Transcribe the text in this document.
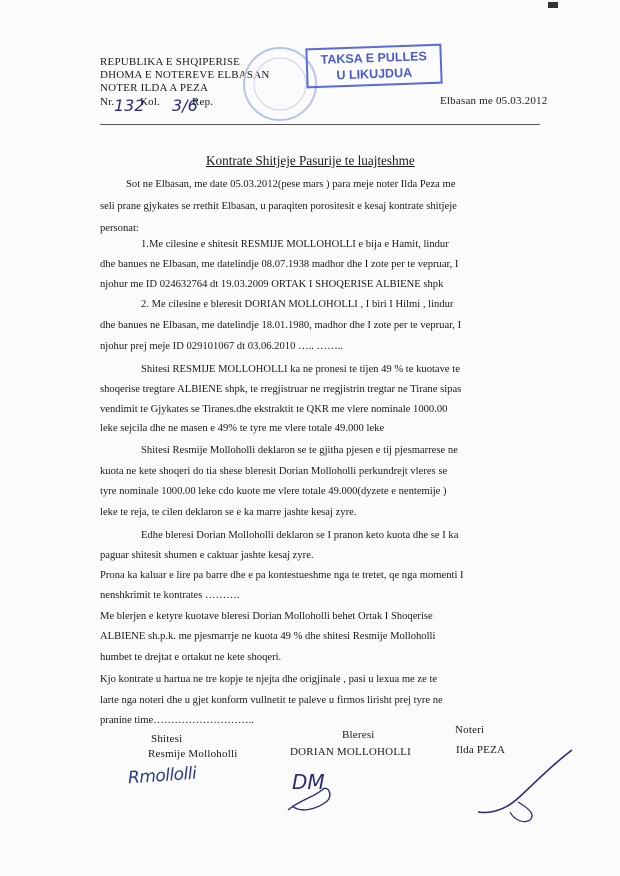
REPUBLIKA E SHQIPERISE
DHOMA E NOTEREVE ELBASAN
NOTER ILDA A PEZA
Nr. 132
Kol. 3/6
Rep.	Elbasan me 05.03.2012
TAKSA E PULLES
U LIKUJDUA
Kontrate Shitjeje Pasurije te luajteshme
Sot ne Elbasan, me date 05.03.2012(pese mars ) para meje noter Ilda Peza me
seli prane gjykates se rrethit Elbasan, u paraqiten porositesit e kesaj kontrate shitjeje
personat:
1.Me cilesine e shitesit RESMIJE MOLLOHOLLI e bija e Hamit, lindur
dhe banues ne Elbasan, me datelindje 08.07.1938 madhor dhe I zote per te vepruar, I
njohur me ID 024632764 dt 19.03.2009 ORTAK I SHOQERISE ALBIENE shpk
2. Me cilesine e bleresit DORIAN MOLLOHOLLI , I biri I Hilmi , lindur
dhe banues ne Elbasan, me datelindje 18.01.1980, madhor dhe I zote per te vepruar, I
njohur prej meje ID 029101067 dt 03.06.2010 ….. ……..
Shitesi RESMIJE MOLLOHOLLI ka ne pronesi te tijen 49 % te kuotave te
shoqerise tregtare ALBIENE shpk, te rregjistruar ne rregjistrin tregtar ne Tirane sipas
vendimit te Gjykates se Tiranes.dhe ekstraktit te QKR me vlere nominale 1000.00
leke sejcila dhe ne masen e 49% te tyre me vlere totale 49.000 leke
Shitesi Resmije Molloholli deklaron se te gjitha pjesen e tij pjesmarrese ne
kuota ne kete shoqeri do tia shese bleresit Dorian Molloholli perkundrejt vleres se
tyre nominale 1000.00 leke cdo kuote me vlere totale 49.000(dyzete e nentemije )
leke te reja, te cilen deklaron se e ka marre jashte kesaj zyre.
Edhe bleresi Dorian Molloholli deklaron se I pranon keto kuota dhe se I ka
paguar shitesit shumen e caktuar jashte kesaj zyre.
Prona ka kaluar e lire pa barre dhe e pa kontestueshme nga te tretet, qe nga momenti I
nenshkrimit te kontrates ……….
Me blerjen e ketyre kuotave bleresi Dorian Molloholli behet Ortak I Shoqerise
ALBIENE sh.p.k. me pjesmarrje ne kuota 49 % dhe shitesi Resmije Molloholli
humbet te drejtat e ortakut ne kete shoqeri.
Kjo kontrate u hartua ne tre kopje te njejta dhe origjinale , pasi u lexua me ze te
larte nga noteri dhe u gjet konform vullnetit te paleve u firmos lirisht prej tyre ne
pranine time………………………..
Shitesi	Bleresi	Noteri
Resmije Molloholli	DORIAN MOLLOHOLLI	Ilda PEZA
Rmollolli	DM
